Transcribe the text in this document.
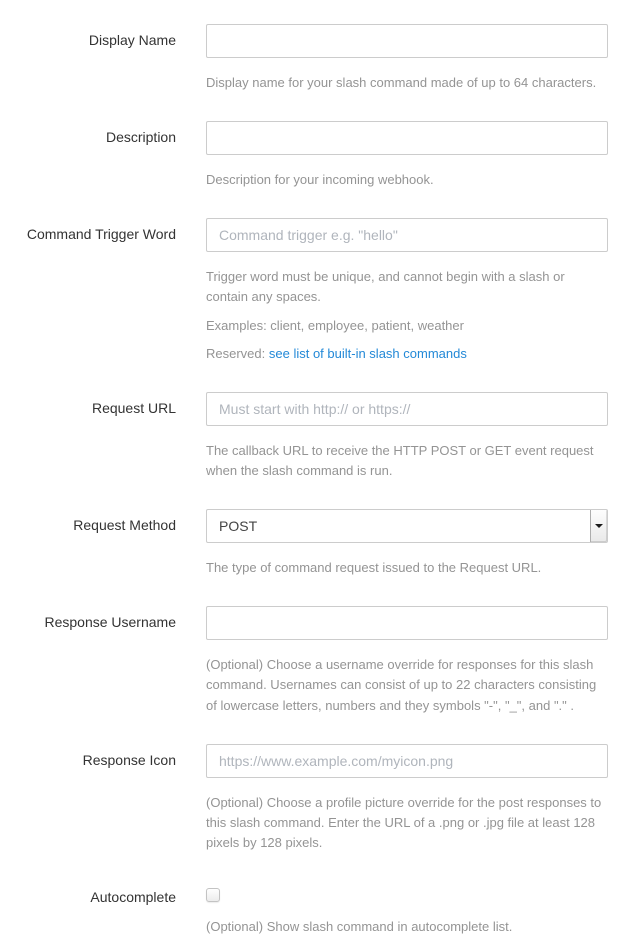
Display Name

Display name for your slash command made of up to 64 characters.

Description

Description for your incoming webhook.

Command Trigger Word
Command trigger e.g. "hello"

Trigger word must be unique, and cannot begin with a slash or contain any spaces.

Examples: client, employee, patient, weather

Reserved: see list of built-in slash commands

Request URL
Must start with http:// or https://

The callback URL to receive the HTTP POST or GET event request when the slash command is run.

Request Method
POST

The type of command request issued to the Request URL.

Response Username

(Optional) Choose a username override for responses for this slash command. Usernames can consist of up to 22 characters consisting of lowercase letters, numbers and they symbols "-", "_", and "." .

Response Icon
https://www.example.com/myicon.png

(Optional) Choose a profile picture override for the post responses to this slash command. Enter the URL of a .png or .jpg file at least 128 pixels by 128 pixels.

Autocomplete

(Optional) Show slash command in autocomplete list.
